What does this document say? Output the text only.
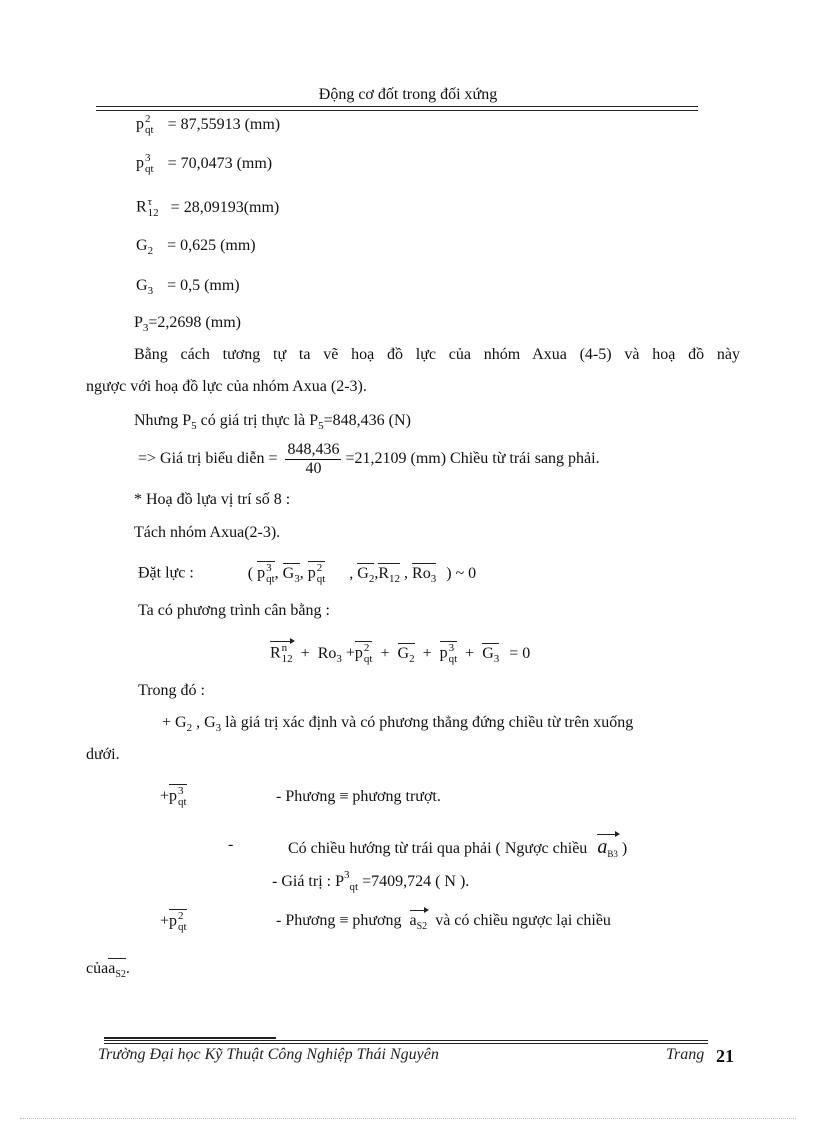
Động cơ đốt trong đối xứng
p 2
qt = 87,55913 (mm)
p 3
qt = 70,0473 (mm)
R τ
12 = 28,09193(mm)
$G_2 = 0,625$ (mm)
$G_3 = 0,5$ (mm)
$P_3=2,2698$ (mm)
Bằng cách tương tự ta vẽ hoạ đồ lực của nhóm Axua (4-5) và hoạ đồ này
ngược với hoạ đồ lực của nhóm Axua (2-3).
Nhưng $P_5$ có giá trị thực là $P_5=848,436$ (N)
=> Giá trị biểu diễn = $\frac{848,436}{40} =21,2109$ (mm) Chiều từ trái sang phải.
* Hoạ đồ lựa vị trí số 8 :
Tách nhóm Axua(2-3).
Đặt lực :	( p 3
qt , $G_3$, p 2
qt , $G_2,R_{12}$ , $Ro_3$ ) ~ 0
Ta có phương trình cân bằng :
R n
$12 + Ro_3 +p$ 2
qt + $G_2 + p$ 3
qt + $G_3 = 0$
Trong đó :
+ $G_2$ , $G_3$ là giá trị xác định và có phương thẳng đứng chiều từ trên xuống
dưới.
+p 3
qt	- Phương ≡ phương trượt.
-	Có chiều hướng từ trái qua phải ( Ngược chiều $a_{B3}$ )
- Giá trị : $P^3_{qt} =7409,724$ ( N ).
+p 2
qt	- Phương ≡ phương $a_{S2}$ và có chiều ngược lại chiều
củaa$_{S2}$.
Trường Đại học Kỹ Thuật Công Nghiệp Thái Nguyên	Trang 21
